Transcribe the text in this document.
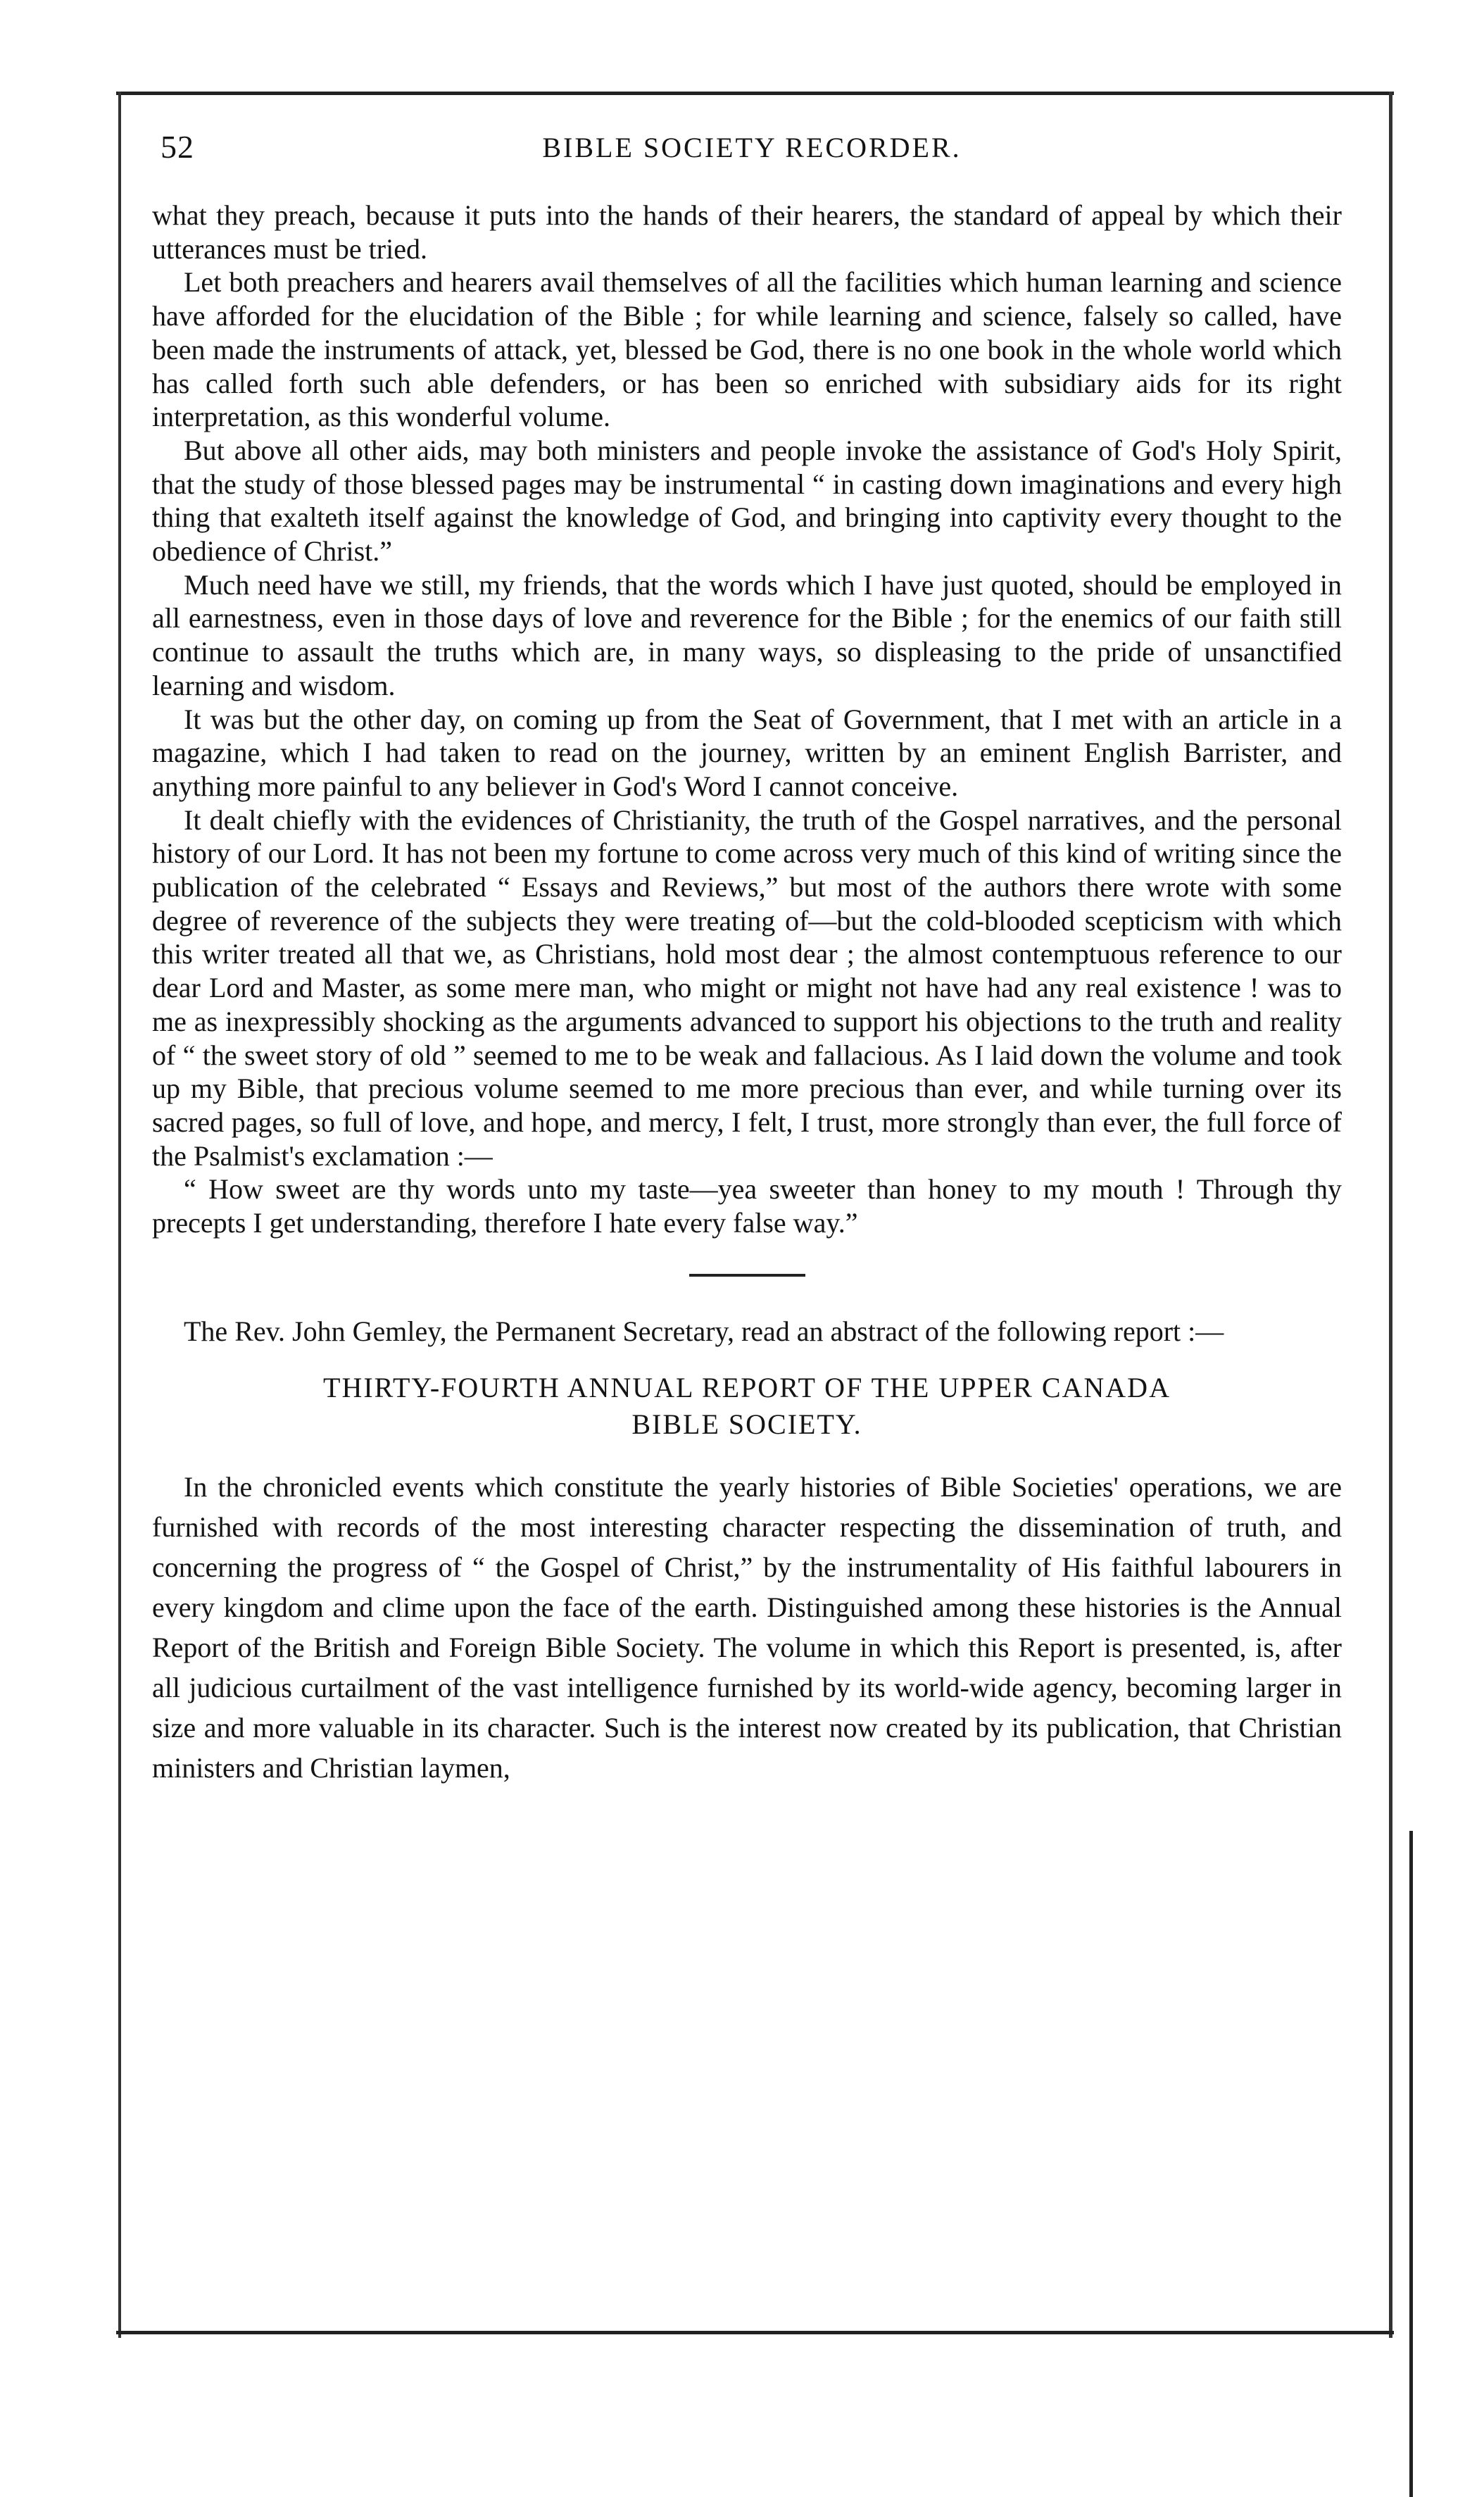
52	BIBLE SOCIETY RECORDER.

what they preach, because it puts into the hands of their hearers, the standard of appeal by which their utterances must be tried.

Let both preachers and hearers avail themselves of all the facilities which human learning and science have afforded for the elucidation of the Bible ; for while learning and science, falsely so called, have been made the instruments of attack, yet, blessed be God, there is no one book in the whole world which has called forth such able defenders, or has been so enriched with subsidiary aids for its right interpretation, as this wonderful volume.

But above all other aids, may both ministers and people invoke the assistance of God's Holy Spirit, that the study of those blessed pages may be instrumental “ in casting down imaginations and every high thing that exalteth itself against the knowledge of God, and bringing into captivity every thought to the obedience of Christ.”

Much need have we still, my friends, that the words which I have just quoted, should be employed in all earnestness, even in those days of love and reverence for the Bible ; for the enemics of our faith still continue to assault the truths which are, in many ways, so displeasing to the pride of unsanctified learning and wisdom.

It was but the other day, on coming up from the Seat of Government, that I met with an article in a magazine, which I had taken to read on the journey, written by an eminent English Barrister, and anything more painful to any believer in God's Word I cannot conceive.

It dealt chiefly with the evidences of Christianity, the truth of the Gospel narratives, and the personal history of our Lord. It has not been my fortune to come across very much of this kind of writing since the publication of the celebrated “ Essays and Reviews,” but most of the authors there wrote with some degree of reverence of the subjects they were treating of—but the cold-blooded scepticism with which this writer treated all that we, as Christians, hold most dear ; the almost contemptuous reference to our dear Lord and Master, as some mere man, who might or might not have had any real existence ! was to me as inexpressibly shocking as the arguments advanced to support his objections to the truth and reality of “ the sweet story of old ” seemed to me to be weak and fallacious. As I laid down the volume and took up my Bible, that precious volume seemed to me more precious than ever, and while turning over its sacred pages, so full of love, and hope, and mercy, I felt, I trust, more strongly than ever, the full force of the Psalmist's exclamation :—

“ How sweet are thy words unto my taste—yea sweeter than honey to my mouth ! Through thy precepts I get understanding, therefore I hate every false way.”

The Rev. John Gemley, the Permanent Secretary, read an abstract of the following report :—

THIRTY-FOURTH ANNUAL REPORT OF THE UPPER CANADA
BIBLE SOCIETY.

In the chronicled events which constitute the yearly histories of Bible Societies' operations, we are furnished with records of the most interesting character respecting the dissemination of truth, and concerning the progress of “ the Gospel of Christ,” by the instrumentality of His faithful labourers in every kingdom and clime upon the face of the earth. Distinguished among these histories is the Annual Report of the British and Foreign Bible Society. The volume in which this Report is presented, is, after all judicious curtailment of the vast intelligence furnished by its world-wide agency, becoming larger in size and more valuable in its character. Such is the interest now created by its publication, that Christian ministers and Christian laymen,
